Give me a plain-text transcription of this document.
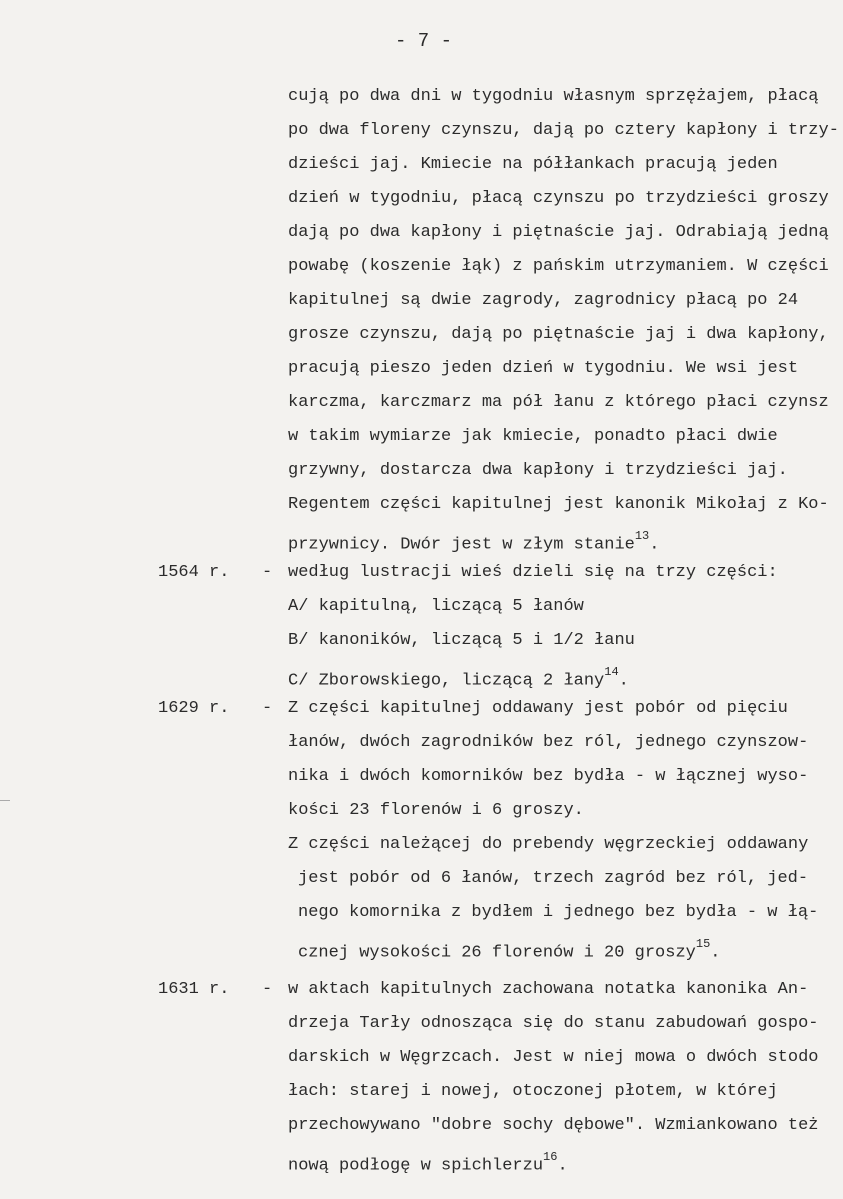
- 7 -
cują po dwa dni w tygodniu własnym sprzężajem, płacą
po dwa floreny czynszu, dają po cztery kapłony i trzy-
dzieści jaj. Kmiecie na półłankach pracują jeden
dzień w tygodniu, płacą czynszu po trzydzieści groszy
dają po dwa kapłony i piętnaście jaj. Odrabiają jedną
powabę (koszenie łąk) z pańskim utrzymaniem. W części
kapitulnej są dwie zagrody, zagrodnicy płacą po 24
grosze czynszu, dają po piętnaście jaj i dwa kapłony,
pracują pieszo jeden dzień w tygodniu. We wsi jest
karczma, karczmarz ma pół łanu z którego płaci czynsz
w takim wymiarze jak kmiecie, ponadto płaci dwie
grzywny, dostarcza dwa kapłony i trzydzieści jaj.
Regentem części kapitulnej jest kanonik Mikołaj z Ko-
przywnicy. Dwór jest w złym stanie$^{13}$.
1564 r. - według lustracji wieś dzieli się na trzy części:
A/ kapitulną, liczącą 5 łanów
B/ kanoników, liczącą 5 i 1/2 łanu
C/ Zborowskiego, liczącą 2 łany$^{14}$.
1629 r. - Z części kapitulnej oddawany jest pobór od pięciu
łanów, dwóch zagrodników bez ról, jednego czynszow-
nika i dwóch komorników bez bydła - w łącznej wyso-
kości 23 florenów i 6 groszy.
Z części należącej do prebendy węgrzeckiej oddawany
jest pobór od 6 łanów, trzech zagród bez ról, jed-
nego komornika z bydłem i jednego bez bydła - w łą-
cznej wysokości 26 florenów i 20 groszy$^{15}$.
1631 r. - w aktach kapitulnych zachowana notatka kanonika An-
drzeja Tarły odnosząca się do stanu zabudowań gospo-
darskich w Węgrzcach. Jest w niej mowa o dwóch stodo
łach: starej i nowej, otoczonej płotem, w której
przechowywano "dobre sochy dębowe". Wzmiankowano też
nową podłogę w spichlerzu$^{16}$.
